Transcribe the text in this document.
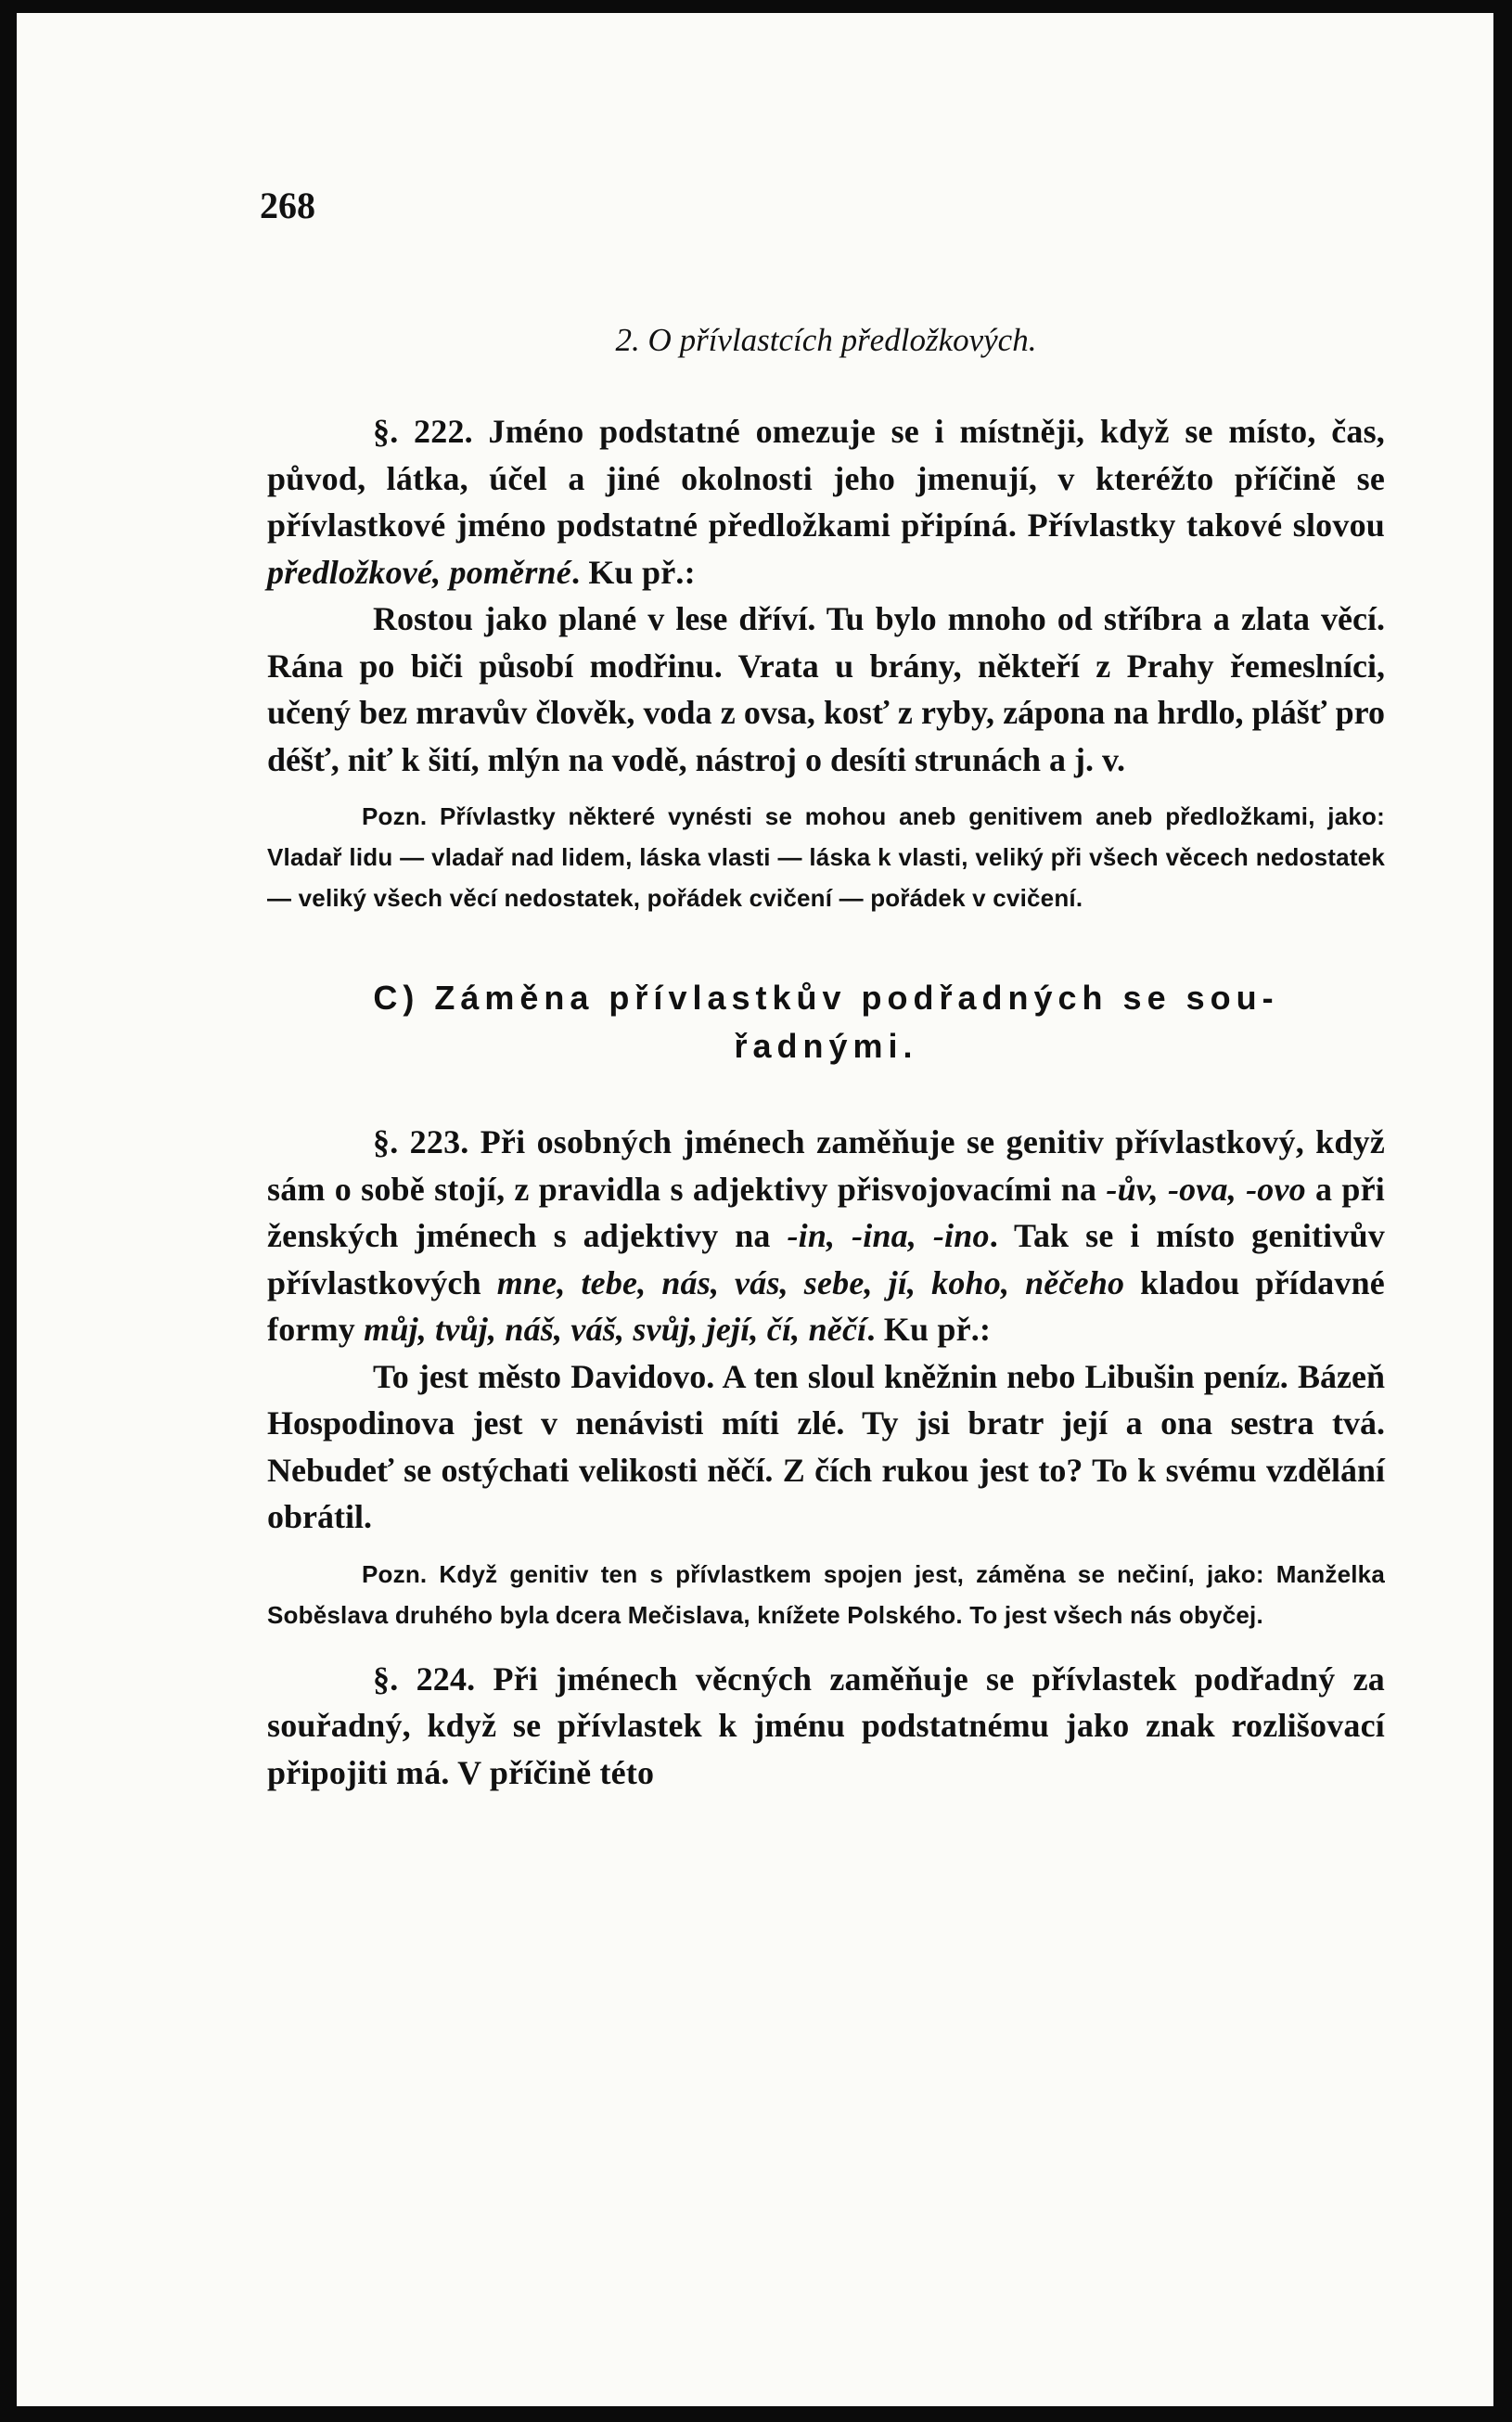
268
2. O přívlastcích předložkových.

§. 222. Jméno podstatné omezuje se i místněji, když se místo, čas, původ, látka, účel a jiné okolnosti jeho jmenují, v kteréžto příčině se přívlastkové jméno podstatné předložkami připíná. Přívlastky takové slovou předložkové, poměrné. Ku př.:

Rostou jako plané v lese dříví. Tu bylo mnoho od stříbra a zlata věcí. Rána po biči působí modřinu. Vrata u brány, někteří z Prahy řemeslníci, učený bez mravův člověk, voda z ovsa, kosť z ryby, zápona na hrdlo, plášť pro déšť, niť k šití, mlýn na vodě, nástroj o desíti strunách a j. v.

Pozn. Přívlastky některé vynésti se mohou aneb genitivem aneb předložkami, jako: Vladař lidu — vladař nad lidem, láska vlasti — láska k vlasti, veliký při všech věcech nedostatek — veliký všech věcí nedostatek, pořádek cvičení — pořádek v cvičení.

C) Záměna přívlastkův podřadných se sou-
řadnými.

§. 223. Při osobných jménech zaměňuje se genitiv přívlastkový, když sám o sobě stojí, z pravidla s adjektivy přisvojovacími na -ův, -ova, -ovo a při ženských jménech s adjektivy na -in, -ina, -ino. Tak se i místo genitivův přívlastkových mne, tebe, nás, vás, sebe, jí, koho, něčeho kladou přídavné formy můj, tvůj, náš, váš, svůj, její, čí, něčí. Ku př.:

To jest město Davidovo. A ten sloul kněžnin nebo Libušin peníz. Bázeň Hospodinova jest v nenávisti míti zlé. Ty jsi bratr její a ona sestra tvá. Nebudeť se ostýchati velikosti něčí. Z čích rukou jest to? To k svému vzdělání obrátil.

Pozn. Když genitiv ten s přívlastkem spojen jest, záměna se nečiní, jako: Manželka Soběslava druhého byla dcera Mečislava, knížete Polského. To jest všech nás obyčej.

§. 224. Při jménech věcných zaměňuje se přívlastek podřadný za souřadný, když se přívlastek k jménu podstatnému jako znak rozlišovací připojiti má. V příčině této
